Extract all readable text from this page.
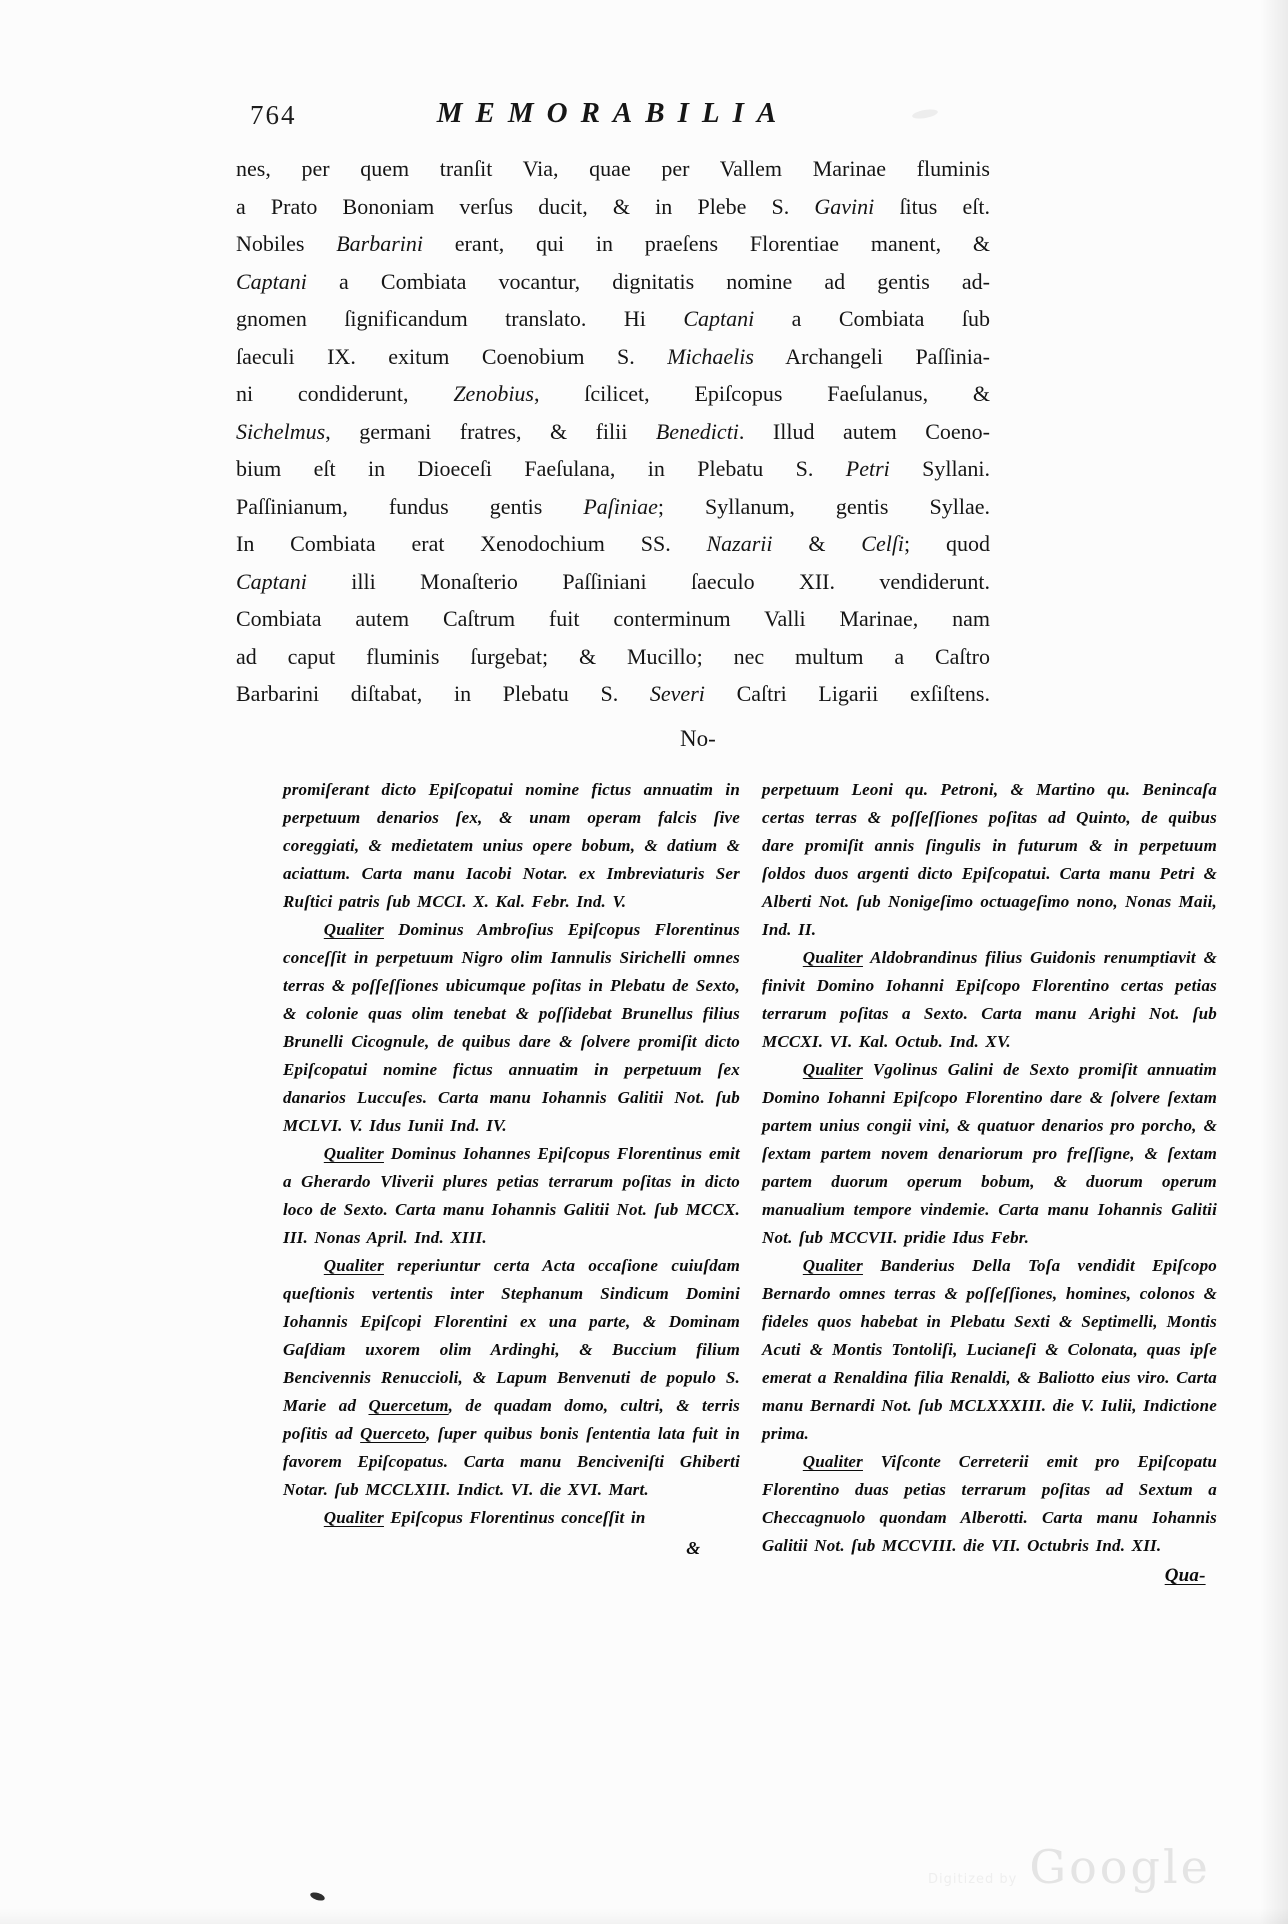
764	MEMORABILIA
nes, per quem tranſit Via, quae per Vallem Marinae fluminis
a Prato Bononiam verſus ducit, & in Plebe S. Gavini ſitus eſt.
Nobiles Barbarini erant, qui in praeſens Florentiae manent, &
Captani a Combiata vocantur, dignitatis nomine ad gentis ad-
gnomen ſignificandum translato. Hi Captani a Combiata ſub
ſaeculi IX. exitum Coenobium S. Michaelis Archangeli Paſſinia-
ni condiderunt, Zenobius, ſcilicet, Epiſcopus Faeſulanus, &
Sichelmus, germani fratres, & filii Benedicti. Illud autem Coeno-
bium eſt in Dioeceſi Faeſulana, in Plebatu S. Petri Syllani.
Paſſinianum, fundus gentis Paſiniae; Syllanum, gentis Syllae.
In Combiata erat Xenodochium SS. Nazarii & Celſi; quod
Captani illi Monaſterio Paſſiniani ſaeculo XII. vendiderunt.
Combiata autem Caſtrum fuit conterminum Valli Marinae, nam
ad caput fluminis ſurgebat; & Mucillo; nec multum a Caſtro
Barbarini diſtabat, in Plebatu S. Severi Caſtri Ligarii exſiſtens.
No-

promiſerant dicto Epiſcopatui nomine fictus annuatim in perpetuum denarios ſex, & unam operam falcis ſive coreggiati, & medietatem unius opere bobum, & datium & aciattum. Carta manu Iacobi Notar. ex Imbreviaturis Ser Ruſtici patris ſub MCCI. X. Kal. Febr. Ind. V.

Qualiter Dominus Ambroſius Epiſcopus Florentinus conceſſit in perpetuum Nigro olim Iannulis Sirichelli omnes terras & poſſeſſiones ubicumque poſitas in Plebatu de Sexto, & colonie quas olim tenebat & poſſidebat Brunellus filius Brunelli Cicognule, de quibus dare & ſolvere promiſit dicto Epiſcopatui nomine fictus annuatim in perpetuum ſex danarios Luccuſes. Carta manu Iohannis Galitii Not. ſub MCLVI. V. Idus Iunii Ind. IV.

Qualiter Dominus Iohannes Epiſcopus Florentinus emit a Gherardo Vliverii plures petias terrarum poſitas in dicto loco de Sexto. Carta manu Iohannis Galitii Not. ſub MCCX. III. Nonas April. Ind. XIII.

Qualiter reperiuntur certa Acta occaſione cuiuſdam queſtionis vertentis inter Stephanum Sindicum Domini Iohannis Epiſcopi Florentini ex una parte, & Dominam Gaſdiam uxorem olim Ardinghi, & Buccium filium Bencivennis Renuccioli, & Lapum Benvenuti de populo S. Marie ad Quercetum, de quadam domo, cultri, & terris poſitis ad Querceto, ſuper quibus bonis ſententia lata fuit in favorem Epiſcopatus. Carta manu Benciveniſti Ghiberti Notar. ſub MCCLXIII. Indict. VI. die XVI. Mart.

Qualiter Epiſcopus Florentinus conceſſit in

&

perpetuum Leoni qu. Petroni, & Martino qu. Benincaſa certas terras & poſſeſſiones poſitas ad Quinto, de quibus dare promiſit annis ſingulis in futurum & in perpetuum ſoldos duos argenti dicto Epiſcopatui. Carta manu Petri & Alberti Not. ſub Nonigeſimo octuageſimo nono, Nonas Maii, Ind. II.

Qualiter Aldobrandinus filius Guidonis renumptiavit & finivit Domino Iohanni Epiſcopo Florentino certas petias terrarum poſitas a Sexto. Carta manu Arighi Not. ſub MCCXI. VI. Kal. Octub. Ind. XV.

Qualiter Vgolinus Galini de Sexto promiſit annuatim Domino Iohanni Epiſcopo Florentino dare & ſolvere ſextam partem unius congii vini, & quatuor denarios pro porcho, & ſextam partem novem denariorum pro freſſigne, & ſextam partem duorum operum bobum, & duorum operum manualium tempore vindemie. Carta manu Iohannis Galitii Not. ſub MCCVII. pridie Idus Febr.

Qualiter Banderius Della Toſa vendidit Epiſcopo Bernardo omnes terras & poſſeſſiones, homines, colonos & fideles quos habebat in Plebatu Sexti & Septimelli, Montis Acuti & Montis Tontoliſi, Lucianeſi & Colonata, quas ipſe emerat a Renaldina filia Renaldi, & Baliotto eius viro. Carta manu Bernardi Not. ſub MCLXXXIII. die V. Iulii, Indictione prima.

Qualiter Viſconte Cerreterii emit pro Epiſcopatu Florentino duas petias terrarum poſitas ad Sextum a Checcagnuolo quondam Alberotti. Carta manu Iohannis Galitii Not. ſub MCCVIII. die VII. Octubris Ind. XII.

Qua-
Digitized by Google
